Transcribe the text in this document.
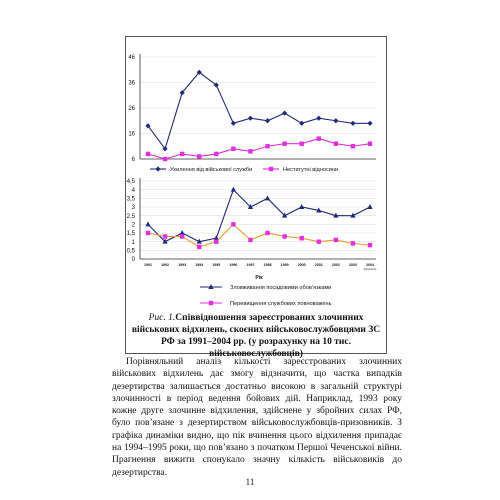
6
16
26
36
46
Ухилення від військової служби	Нестатутні відносини
0
0,5
1
1,5
2
2,5
3
3,5
4
4,5
1991	1992	1993	1994	1995	1996	1997	1998	1999	2000	2001	2002	2003	2004
(прогноз)
Рік
Зловживання посадовими обов’язками
Перевищення службових повноважень
Рис. 1.Співвідношення зареєстрованих злочинних військових відхилень, скоєних військовослужбовцями ЗС РФ за 1991–2004 рр. (у розрахунку на 10 тис. військовослужбовців)

Порівняльний аналіз кількості зареєстрованих злочинних військових відхилень дає змогу відзначити, що частка випадків дезертирства залишається достатньо високою в загальній структурі злочинності в період ведення бойових дій. Наприклад, 1993 року кожне друге злочинне відхилення, здійснене у збройних силах РФ, було пов’язане з дезертирством військовослужбовців-призовників. З графіка динаміки видно, що пік вчинення цього відхилення припадає на 1994–1995 роки, що пов’язано з початком Першої Чеченської війни. Прагнення вижити спонукало значну кількість військовиків до дезертирства.

11
